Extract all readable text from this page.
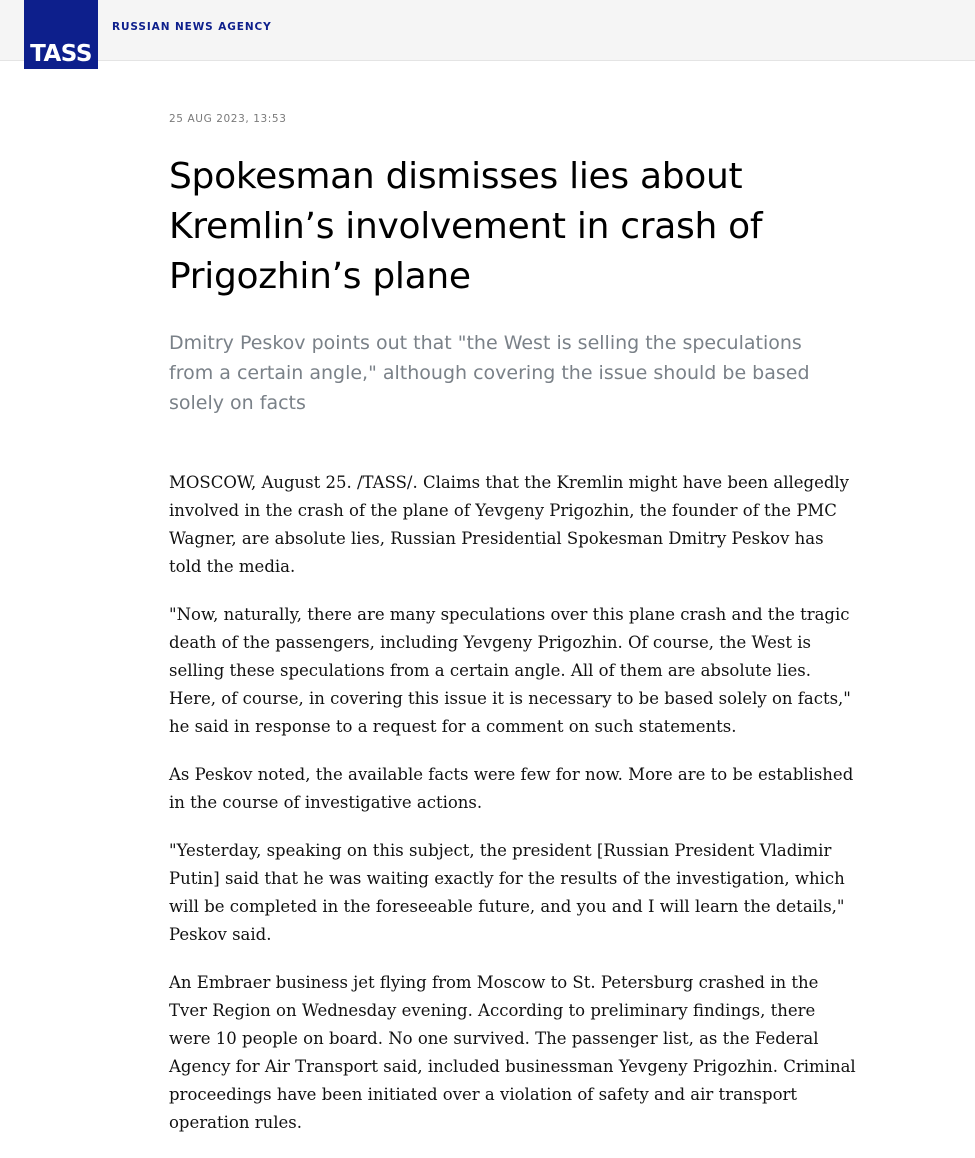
TASS
RUSSIAN NEWS AGENCY
25 AUG 2023, 13:53
Spokesman dismisses lies about Kremlin’s involvement in crash of Prigozhin’s plane

Dmitry Peskov points out that "the West is selling the speculations from a certain angle," although covering the issue should be based solely on facts

MOSCOW, August 25. /TASS/. Claims that the Kremlin might have been allegedly involved in the crash of the plane of Yevgeny Prigozhin, the founder of the PMC Wagner, are absolute lies, Russian Presidential Spokesman Dmitry Peskov has told the media.

"Now, naturally, there are many speculations over this plane crash and the tragic death of the passengers, including Yevgeny Prigozhin. Of course, the West is selling these speculations from a certain angle. All of them are absolute lies. Here, of course, in covering this issue it is necessary to be based solely on facts," he said in response to a request for a comment on such statements.

As Peskov noted, the available facts were few for now. More are to be established in the course of investigative actions.

"Yesterday, speaking on this subject, the president [Russian President Vladimir Putin] said that he was waiting exactly for the results of the investigation, which will be completed in the foreseeable future, and you and I will learn the details," Peskov said.

An Embraer business jet flying from Moscow to St. Petersburg crashed in the Tver Region on Wednesday evening. According to preliminary findings, there were 10 people on board. No one survived. The passenger list, as the Federal Agency for Air Transport said, included businessman Yevgeny Prigozhin. Criminal proceedings have been initiated over a violation of safety and air transport operation rules.
